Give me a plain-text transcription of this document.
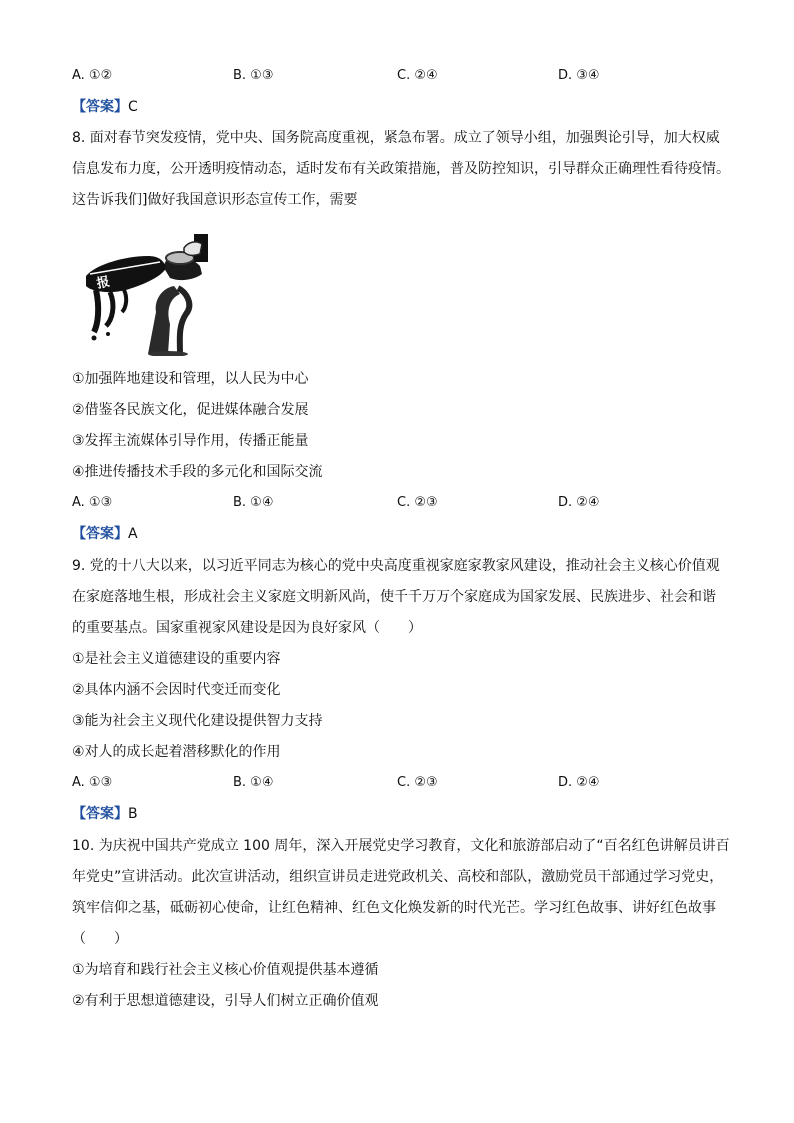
A. ①②	B. ①③	C. ②④	D. ③④
【答案】C
8. 面对春节突发疫情，党中央、国务院高度重视，紧急布署。成立了领导小组，加强舆论引导，加大权威
信息发布力度，公开透明疫情动态，适时发布有关政策措施，普及防控知识，引导群众正确理性看待疫情。
这告诉我们]做好我国意识形态宣传工作，需要
报
①加强阵地建设和管理，以人民为中心
②借鉴各民族文化，促进媒体融合发展
③发挥主流媒体引导作用，传播正能量
④推进传播技术手段的多元化和国际交流
A. ①③	B. ①④	C. ②③	D. ②④
【答案】A
9. 党的十八大以来，以习近平同志为核心的党中央高度重视家庭家教家风建设，推动社会主义核心价值观
在家庭落地生根，形成社会主义家庭文明新风尚，使千千万万个家庭成为国家发展、民族进步、社会和谐
的重要基点。国家重视家风建设是因为良好家风（　　）
①是社会主义道德建设的重要内容
②具体内涵不会因时代变迁而变化
③能为社会主义现代化建设提供智力支持
④对人的成长起着潜移默化的作用
A. ①③	B. ①④	C. ②③	D. ②④
【答案】B
10. 为庆祝中国共产党成立 100 周年，深入开展党史学习教育，文化和旅游部启动了“百名红色讲解员讲百
年党史”宣讲活动。此次宣讲活动，组织宣讲员走进党政机关、高校和部队，激励党员干部通过学习党史，
筑牢信仰之基，砥砺初心使命，让红色精神、红色文化焕发新的时代光芒。学习红色故事、讲好红色故事
（　　）
①为培育和践行社会主义核心价值观提供基本遵循
②有利于思想道德建设，引导人们树立正确价值观
